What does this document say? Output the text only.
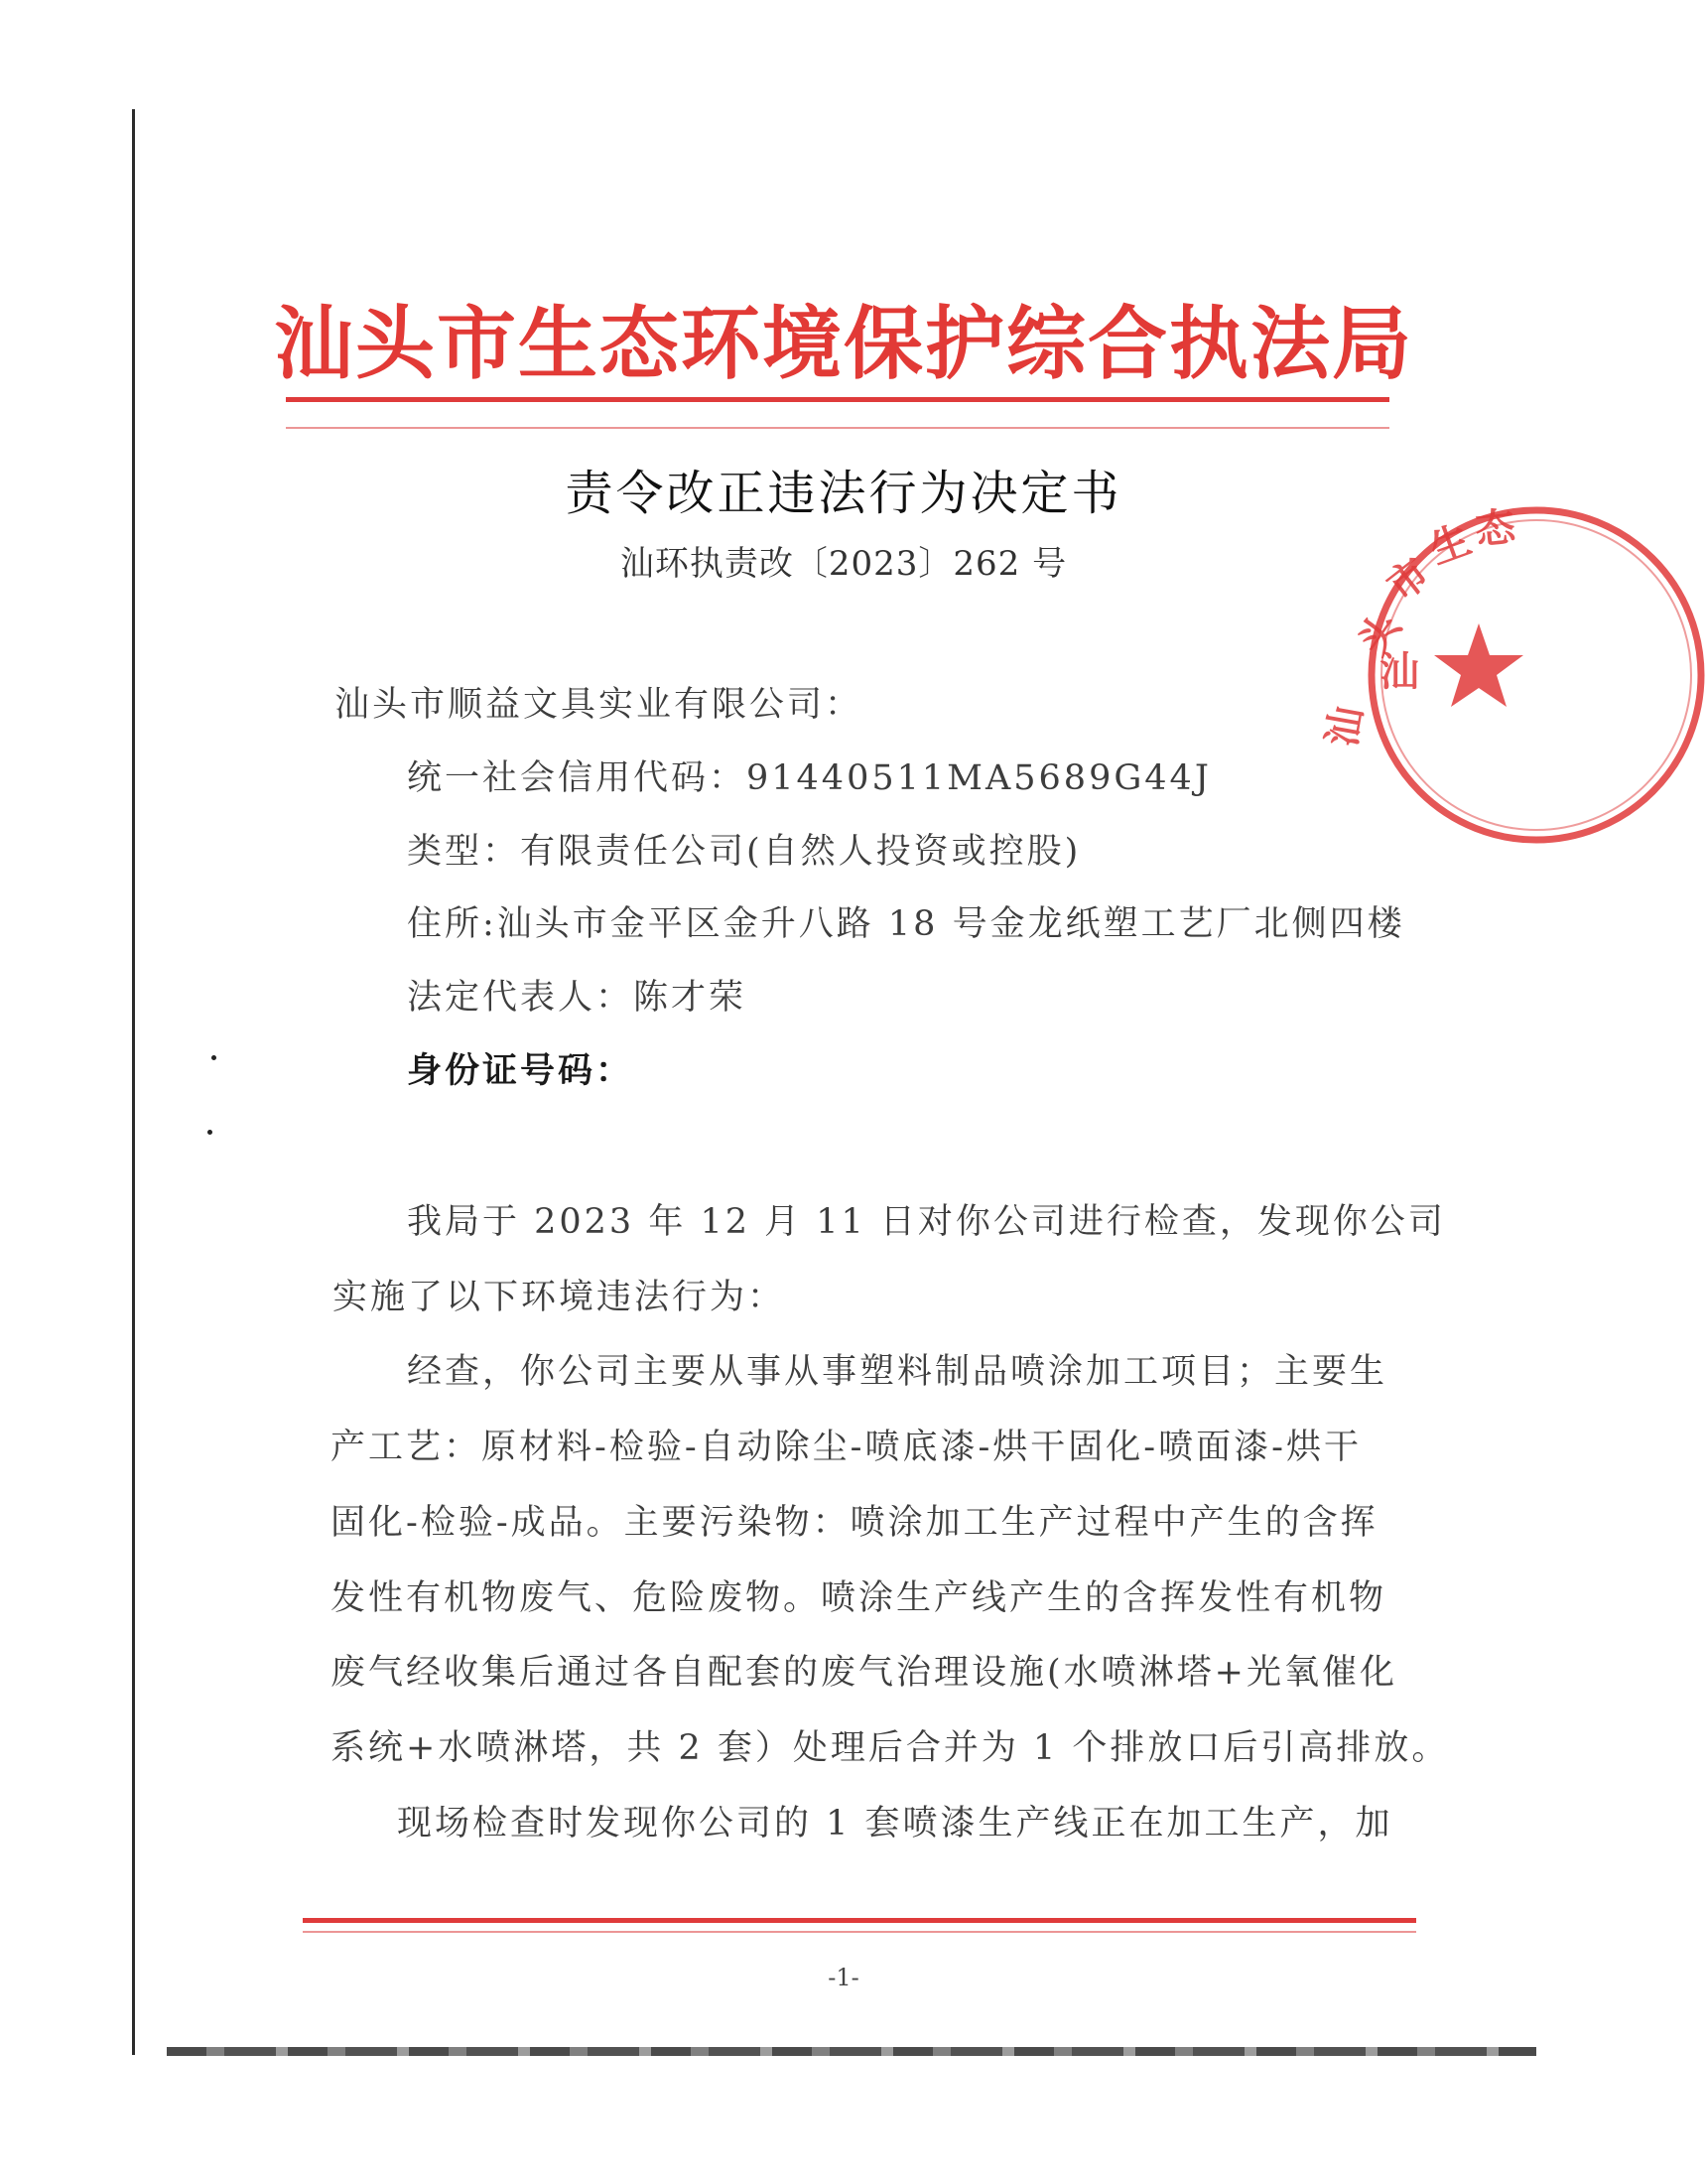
汕头市生态环境保护综合执法局
责令改正违法行为决定书
汕环执责改〔2023〕262 号
汕
头
市
生
态
汕
汕头市顺益文具实业有限公司：
统一社会信用代码：91440511MA5689G44J
类型：有限责任公司(自然人投资或控股)
住所:汕头市金平区金升八路 18 号金龙纸塑工艺厂北侧四楼
法定代表人：陈才荣
身份证号码：
我局于 2023 年 12 月 11 日对你公司进行检查，发现你公司
实施了以下环境违法行为：
经查，你公司主要从事从事塑料制品喷涂加工项目；主要生
产工艺：原材料-检验-自动除尘-喷底漆-烘干固化-喷面漆-烘干
固化-检验-成品。主要污染物：喷涂加工生产过程中产生的含挥
发性有机物废气、危险废物。喷涂生产线产生的含挥发性有机物
废气经收集后通过各自配套的废气治理设施(水喷淋塔+光氧催化
系统+水喷淋塔，共 2 套）处理后合并为 1 个排放口后引高排放。
现场检查时发现你公司的 1 套喷漆生产线正在加工生产，加
-1-
